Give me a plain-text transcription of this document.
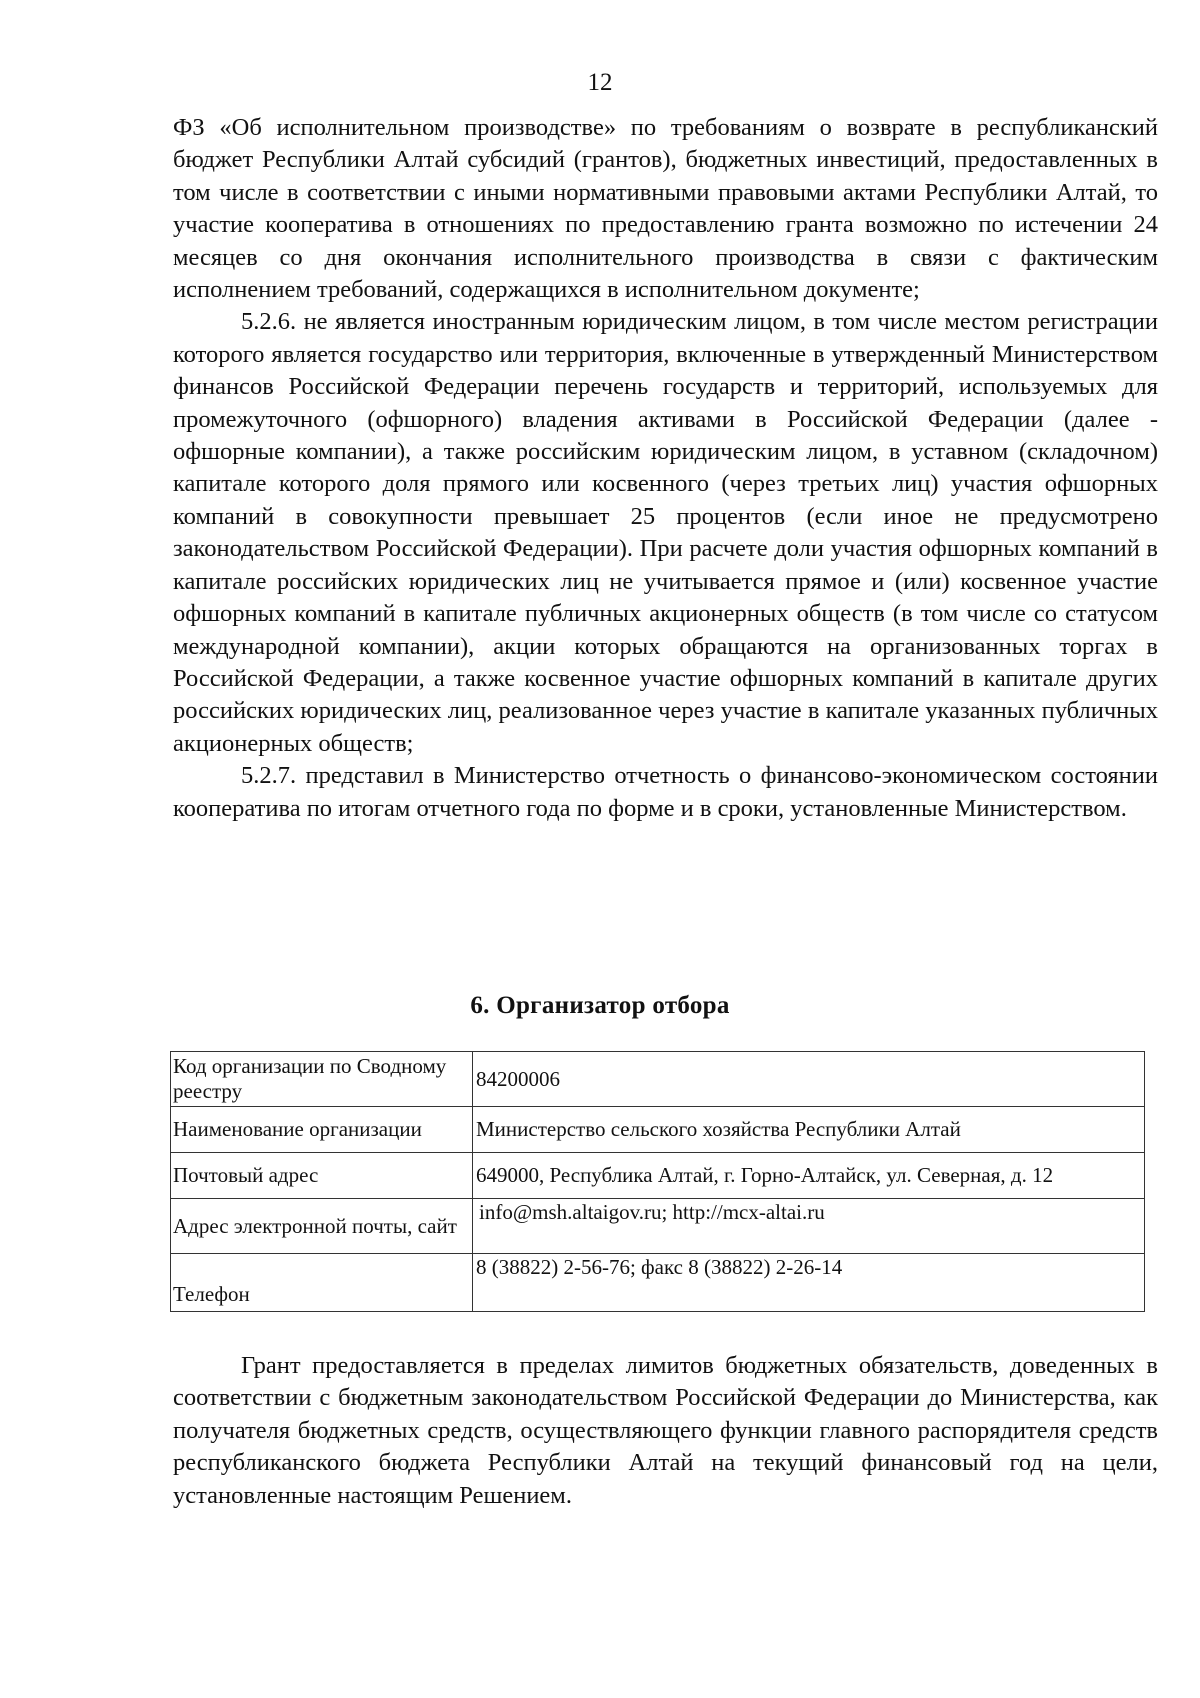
12

ФЗ «Об исполнительном производстве» по требованиям о возврате в республиканский бюджет Республики Алтай субсидий (грантов), бюджетных инвестиций, предоставленных в том числе в соответствии с иными нормативными правовыми актами Республики Алтай, то участие кооператива в отношениях по предоставлению гранта возможно по истечении 24 месяцев со дня окончания исполнительного производства в связи с фактическим исполнением требований, содержащихся в исполнительном документе;

5.2.6. не является иностранным юридическим лицом, в том числе местом регистрации которого является государство или территория, включенные в утвержденный Министерством финансов Российской Федерации перечень государств и территорий, используемых для промежуточного (офшорного) владения активами в Российской Федерации (далее - офшорные компании), а также российским юридическим лицом, в уставном (складочном) капитале которого доля прямого или косвенного (через третьих лиц) участия офшорных компаний в совокупности превышает 25 процентов (если иное не предусмотрено законодательством Российской Федерации). При расчете доли участия офшорных компаний в капитале российских юридических лиц не учитывается прямое и (или) косвенное участие офшорных компаний в капитале публичных акционерных обществ (в том числе со статусом международной компании), акции которых обращаются на организованных торгах в Российской Федерации, а также косвенное участие офшорных компаний в капитале других российских юридических лиц, реализованное через участие в капитале указанных публичных акционерных обществ;

5.2.7. представил в Министерство отчетность о финансово-экономическом состоянии кооператива по итогам отчетного года по форме и в сроки, установленные Министерством.

6. Организатор отбора
Код организации по Сводному реестру	84200006
Наименование организации	Министерство сельского хозяйства Республики Алтай
Почтовый адрес	649000, Республика Алтай, г. Горно-Алтайск, ул. Северная, д. 12
Адрес электронной почты, сайт	info@msh.altaigov.ru; http://mcx-altai.ru
Телефон	8 (38822) 2-56-76; факс 8 (38822) 2-26-14

Грант предоставляется в пределах лимитов бюджетных обязательств, доведенных в соответствии с бюджетным законодательством Российской Федерации до Министерства, как получателя бюджетных средств, осуществляющего функции главного распорядителя средств республиканского бюджета Республики Алтай на текущий финансовый год на цели, установленные настоящим Решением.
